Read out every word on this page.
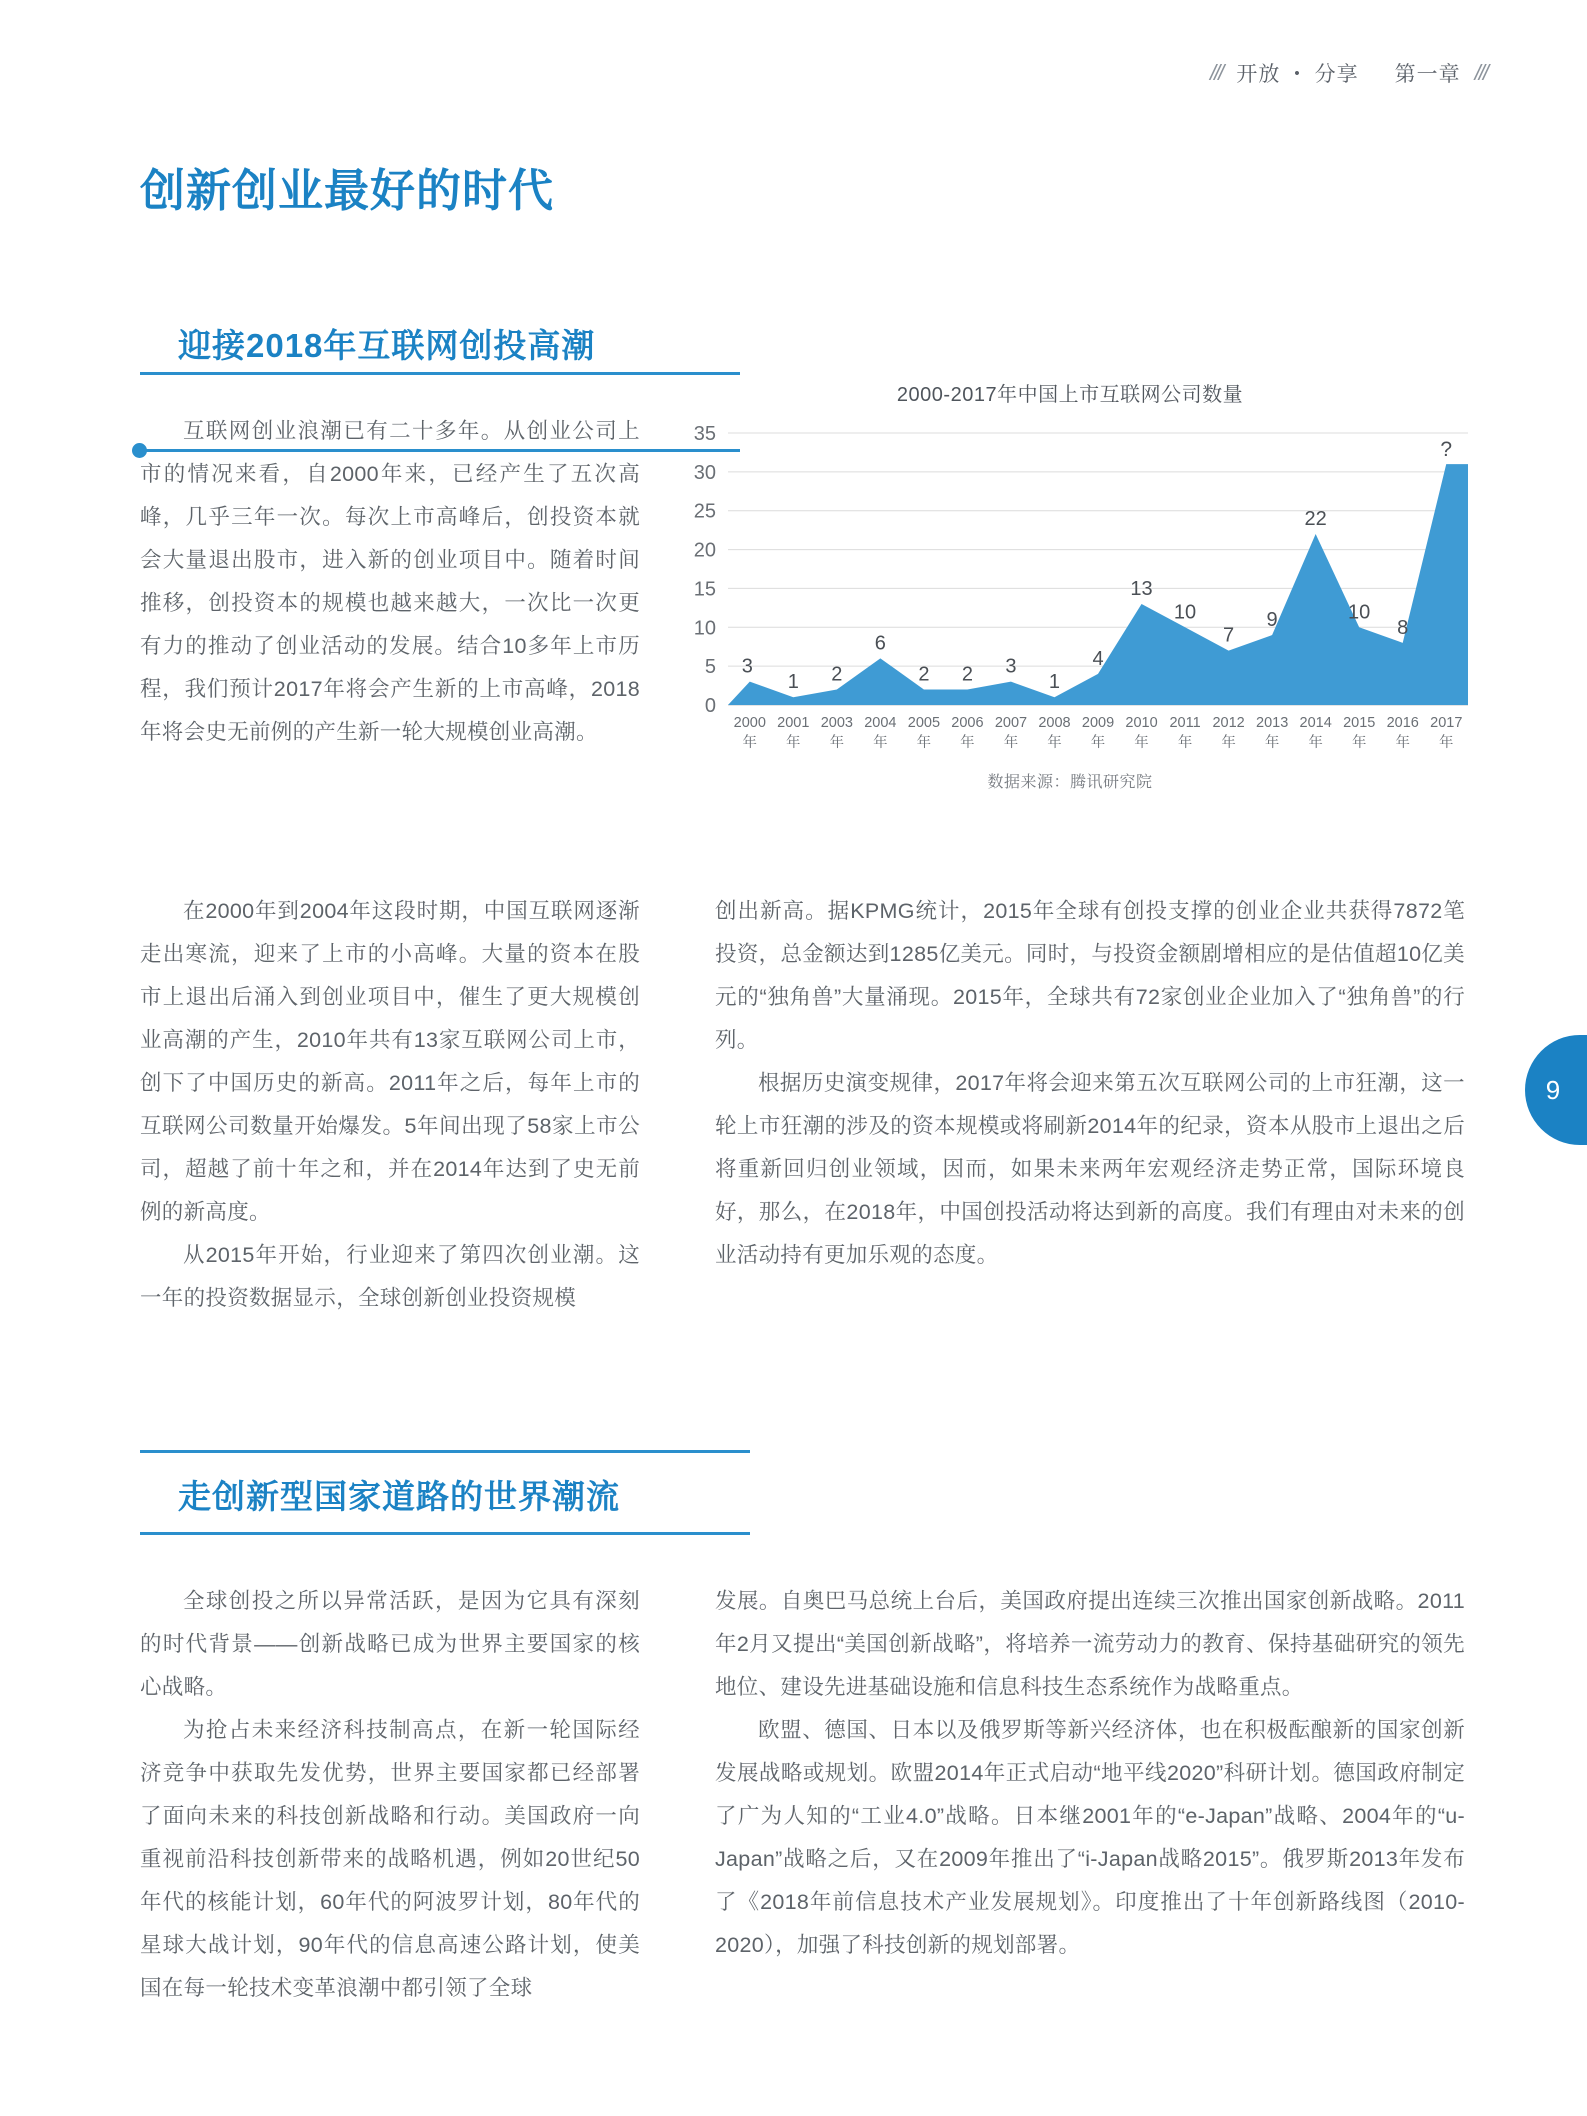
/// 开放 • 分享 第一章 ///
9
创新创业最好的时代
迎接2018年互联网创投高潮

互联网创业浪潮已有二十多年。从创业公司上市的情况来看，自2000年来，已经产生了五次高峰，几乎三年一次。每次上市高峰后，创投资本就会大量退出股市，进入新的创业项目中。随着时间推移，创投资本的规模也越来越大，一次比一次更有力的推动了创业活动的发展。结合10多年上市历程，我们预计2017年将会产生新的上市高峰，2018年将会史无前例的产生新一轮大规模创业高潮。

2000-2017年中国上市互联网公司数量
0
5
10
15
20
25
30
35
3
1 2
6
2 2 3
1
4
13
10
7
9
22
10
8
?
2000年
2001年
2003年
2004年
2005年
2006年
2007年
2008年
2009年
2010年
2011年
2012年
2013年
2014年
2015年
2016年
2017年
数据来源：腾讯研究院

在2000年到2004年这段时期，中国互联网逐渐走出寒流，迎来了上市的小高峰。大量的资本在股市上退出后涌入到创业项目中，催生了更大规模创业高潮的产生，2010年共有13家互联网公司上市，创下了中国历史的新高。2011年之后，每年上市的互联网公司数量开始爆发。5年间出现了58家上市公司，超越了前十年之和，并在2014年达到了史无前例的新高度。

从2015年开始，行业迎来了第四次创业潮。这一年的投资数据显示，全球创新创业投资规模

创出新高。据KPMG统计，2015年全球有创投支撑的创业企业共获得7872笔投资，总金额达到1285亿美元。同时，与投资金额剧增相应的是估值超10亿美元的“独角兽”大量涌现。2015年，全球共有72家创业企业加入了“独角兽”的行列。

根据历史演变规律，2017年将会迎来第五次互联网公司的上市狂潮，这一轮上市狂潮的涉及的资本规模或将刷新2014年的纪录，资本从股市上退出之后将重新回归创业领域，因而，如果未来两年宏观经济走势正常，国际环境良好，那么，在2018年，中国创投活动将达到新的高度。我们有理由对未来的创业活动持有更加乐观的态度。

走创新型国家道路的世界潮流

全球创投之所以异常活跃，是因为它具有深刻的时代背景——创新战略已成为世界主要国家的核心战略。

为抢占未来经济科技制高点，在新一轮国际经济竞争中获取先发优势，世界主要国家都已经部署了面向未来的科技创新战略和行动。美国政府一向重视前沿科技创新带来的战略机遇，例如20世纪50年代的核能计划，60年代的阿波罗计划，80年代的星球大战计划，90年代的信息高速公路计划，使美国在每一轮技术变革浪潮中都引领了全球

发展。自奥巴马总统上台后，美国政府提出连续三次推出国家创新战略。2011年2月又提出“美国创新战略”，将培养一流劳动力的教育、保持基础研究的领先地位、建设先进基础设施和信息科技生态系统作为战略重点。

欧盟、德国、日本以及俄罗斯等新兴经济体，也在积极酝酿新的国家创新发展战略或规划。欧盟2014年正式启动“地平线2020”科研计划。德国政府制定了广为人知的“工业4.0”战略。日本继2001年的“e-Japan”战略、2004年的“u-Japan”战略之后，又在2009年推出了“i-Japan战略2015”。俄罗斯2013年发布了《2018年前信息技术产业发展规划》。印度推出了十年创新路线图（2010-2020），加强了科技创新的规划部署。
